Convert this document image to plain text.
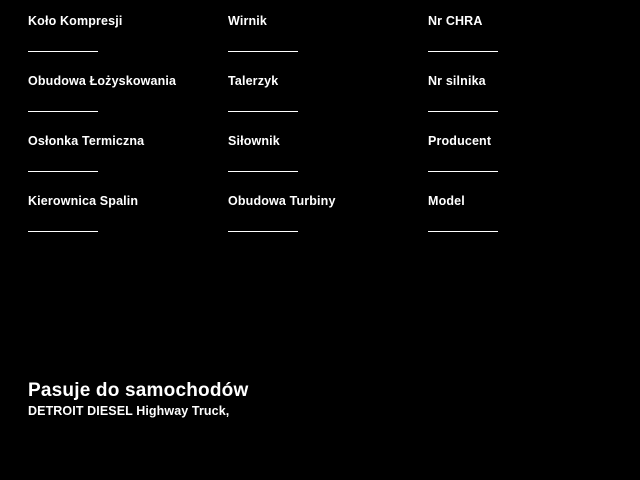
Koło Kompresji	Wirnik	Nr CHRA
Obudowa Łożyskowania	Talerzyk	Nr silnika
Osłonka Termiczna	Siłownik	Producent
Kierownica Spalin	Obudowa Turbiny	Model
Pasuje do samochodów
DETROIT DIESEL Highway Truck,
